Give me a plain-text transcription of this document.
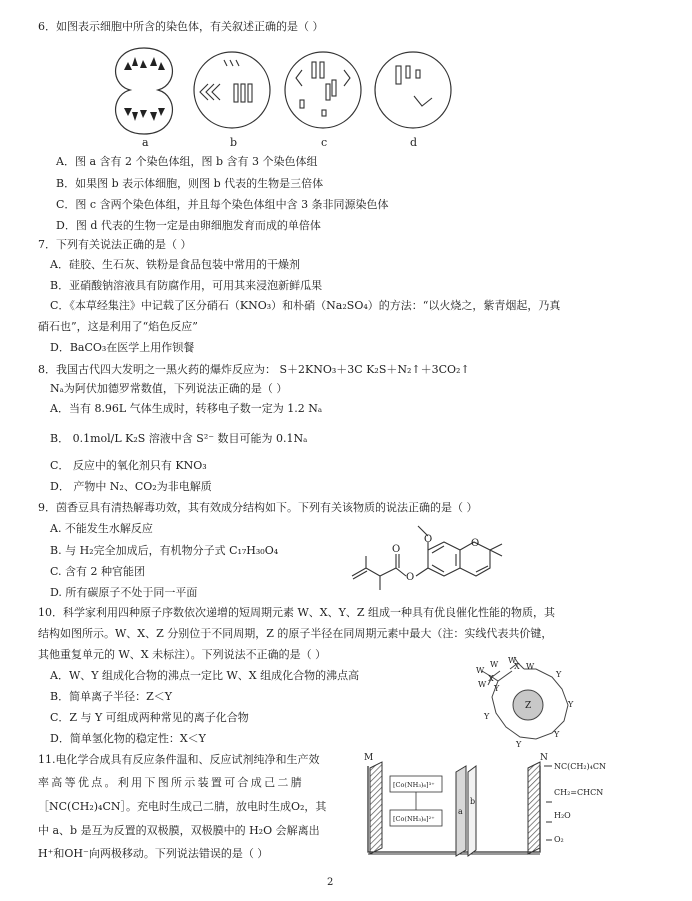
6．如图表示细胞中所含的染色体，有关叙述正确的是（ ）
a	b	c	d
A．图 a 含有 2 个染色体组，图 b 含有 3 个染色体组
B．如果图 b 表示体细胞，则图 b 代表的生物是三倍体
C．图 c 含两个染色体组，并且每个染色体组中含 3 条非同源染色体
D．图 d 代表的生物一定是由卵细胞发育而成的单倍体
7．下列有关说法正确的是（ ）
A．硅胶、生石灰、铁粉是食品包装中常用的干燥剂
B．亚硝酸钠溶液具有防腐作用，可用其来浸泡新鲜瓜果
C．《本草经集注》中记载了区分硝石（KNO₃）和朴硝（Na₂SO₄）的方法：“以火烧之，紫青烟起，乃真
硝石也”，这是利用了“焰色反应”
D．BaCO₃在医学上用作钡餐
8．我国古代四大发明之一黑火药的爆炸反应为： S＋2KNO₃＋3C K₂S＋N₂↑＋3CO₂↑
Nₐ为阿伏加德罗常数值，下列说法正确的是（ ）
A．当有 8.96L 气体生成时，转移电子数一定为 1.2 Nₐ
B． 0.1mol/L K₂S 溶液中含 S²⁻ 数目可能为 0.1Nₐ
C． 反应中的氧化剂只有 KNO₃
D． 产物中 N₂、CO₂为非电解质
9．茵香豆具有清热解毒功效，其有效成分结构如下。下列有关该物质的说法正确的是（ ）
A. 不能发生水解反应
B. 与 H₂完全加成后，有机物分子式 C₁₇H₃₀O₄
C. 含有 2 种官能团
D. 所有碳原子不处于同一平面
O
O
O
O
10．科学家利用四种原子序数依次递增的短周期元素 W、X、Y、Z 组成一种具有优良催化性能的物质，其
结构如图所示。W、X、Z 分别位于不同周期，Z 的原子半径在同周期元素中最大（注：实线代表共价键，
其他重复单元的 W、X 未标注）。下列说法不正确的是（ ）
A．W、Y 组成化合物的沸点一定比 W、X 组成化合物的沸点高
B．简单离子半径：Z＜Y
C．Z 与 Y 可组成两种常见的离子化合物
D．简单氢化物的稳定性：X＜Y
W
W
W
W
W
X
X
Y
Y
Y
Y
Y
Y
Z
11.电化学合成具有反应条件温和、反应试剂纯净和生产效
率高等优点。利用下图所示装置可合成己二腈
［NC(CH₂)₄CN］。充电时生成己二腈，放电时生成O₂，其
中 a、b 是互为反置的双极膜，双极膜中的 H₂O 会解离出
H⁺和OH⁻向两极移动。下列说法错误的是（ ）
M	N
[Co(NH₃)₆]³⁺
[Co(NH₃)₆]²⁺
a
b
NC(CH₂)₄CN
CH₂=CHCN
H₂O
O₂
2
